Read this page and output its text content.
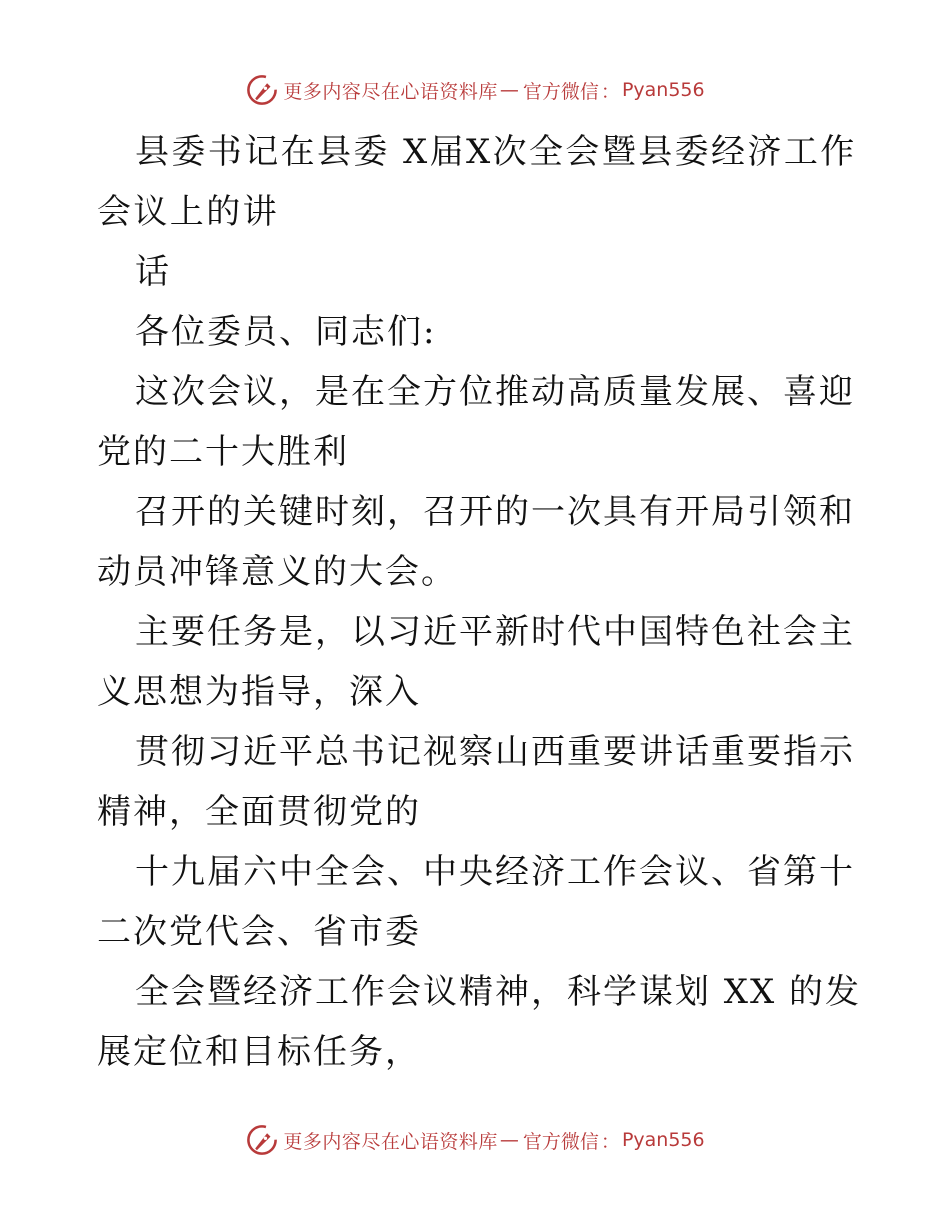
更多内容尽在心语资料库 — 官方微信 ： Pyan556

县委书记在县委 X届X次全会暨县委经济工作会议上的讲

话

各位委员、同志们:

这次会议，是在全方位推动高质量发展、喜迎党的二十大胜利

召开的关键时刻，召开的一次具有开局引领和动员冲锋意义的大会。

主要任务是，以习近平新时代中国特色社会主义思想为指导，深入

贯彻习近平总书记视察山西重要讲话重要指示精神，全面贯彻党的

十九届六中全会、中央经济工作会议、省第十二次党代会、省市委

全会暨经济工作会议精神，科学谋划 XX 的发展定位和目标任务，

更多内容尽在心语资料库 — 官方微信 ： Pyan556
